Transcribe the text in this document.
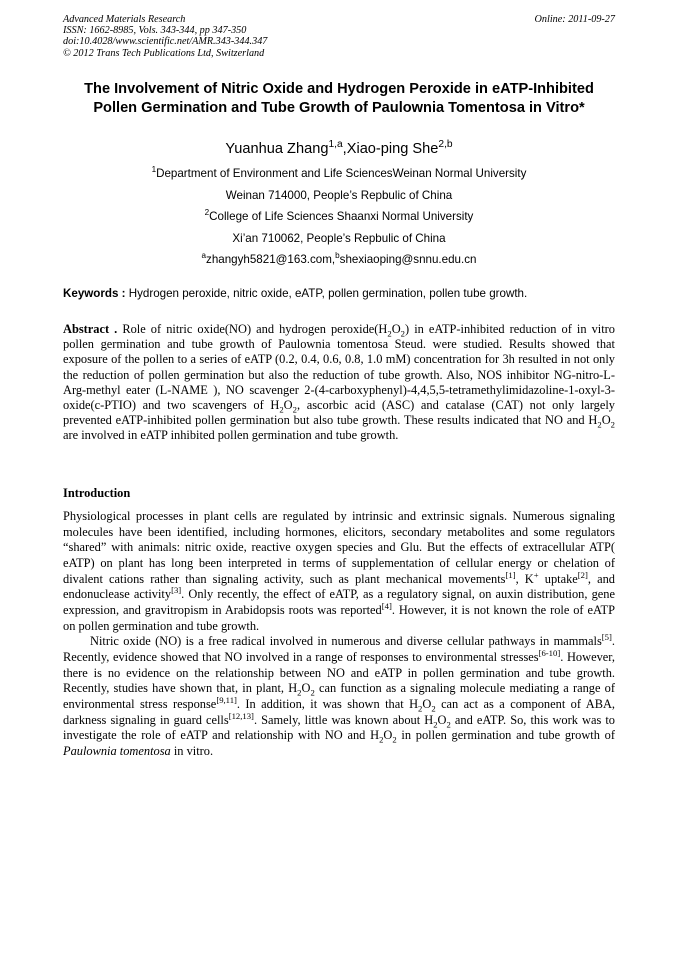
Advanced Materials Research
ISSN: 1662-8985, Vols. 343-344, pp 347-350
doi:10.4028/www.scientific.net/AMR.343-344.347
© 2012 Trans Tech Publications Ltd, Switzerland
Online: 2011-09-27
The Involvement of Nitric Oxide and Hydrogen Peroxide in eATP-Inhibited Pollen Germination and Tube Growth of Paulownia Tomentosa in Vitro*
Yuanhua Zhang$^{1,a}$,Xiao-ping She$^{2,b}$
$^1$Department of Environment and Life SciencesWeinan Normal University
Weinan 714000, People’s Repbulic of China
$^2$College of Life Sciences Shaanxi Normal University
Xi’an 710062, People’s Repbulic of China
$^a$zhangyh5821@163.com,$^b$shexiaoping@snnu.edu.cn
Keywords : Hydrogen peroxide, nitric oxide, eATP, pollen germination, pollen tube growth.

Abstract . Role of nitric oxide(NO) and hydrogen $peroxide(H_2O_2)$ in eATP-inhibited reduction of in vitro pollen germination and tube growth of Paulownia tomentosa Steud. were studied. Results showed that exposure of the pollen to a series of eATP (0.2, 0.4, 0.6, 0.8, 1.0 mM) concentration for 3h resulted in not only the reduction of pollen germination but also the reduction of tube growth. Also, NOS inhibitor NG-nitro-L-Arg-methyl eater (L-NAME ), NO scavenger 2-(4-carboxyphenyl)-4,4,5,5-tetramethylimidazoline-1-oxyl-3- oxide(c-PTIO) and two scavengers of $H_2O_2$, ascorbic acid (ASC) and catalase (CAT) not only largely prevented eATP-inhibited pollen germination but also tube growth. These results indicated that NO and $H_2O_2$ are involved in eATP inhibited pollen germination and tube growth.

Introduction

Physiological processes in plant cells are regulated by intrinsic and extrinsic signals. Numerous signaling molecules have been identified, including hormones, elicitors, secondary metabolites and some regulators “shared” with animals: nitric oxide, reactive oxygen species and Glu. But the effects of extracellular ATP( eATP) on plant has long been interpreted in terms of supplementation of cellular energy or chelation of divalent cations rather than signaling activity, such as plant mechanical movements[1], K+ uptake[2], and endonuclease activity[3]. Only recently, the effect of eATP, as a regulatory signal, on auxin distribution, gene expression, and gravitropism in Arabidopsis roots was reported[4]. However, it is not known the role of eATP on pollen germination and tube growth.

Nitric oxide (NO) is a free radical involved in numerous and diverse cellular pathways in mammals[5]. Recently, evidence showed that NO involved in a range of responses to environmental stresses[6-10]. However, there is no evidence on the relationship between NO and eATP in pollen germination and tube growth. Recently, studies have shown that, in plant, $H_2O_2$ can function as a signaling molecule mediating a range of environmental stress response[9,11]. In addition, it was shown that $H_2O_2$ can act as a component of ABA, darkness signaling in guard cells[12,13]. Samely, little was known about $H_2O_2$ and eATP. So, this work was to investigate the role of eATP and relationship with NO and $H_2O_2$ in pollen germination and tube growth of Paulownia tomentosa in vitro.
